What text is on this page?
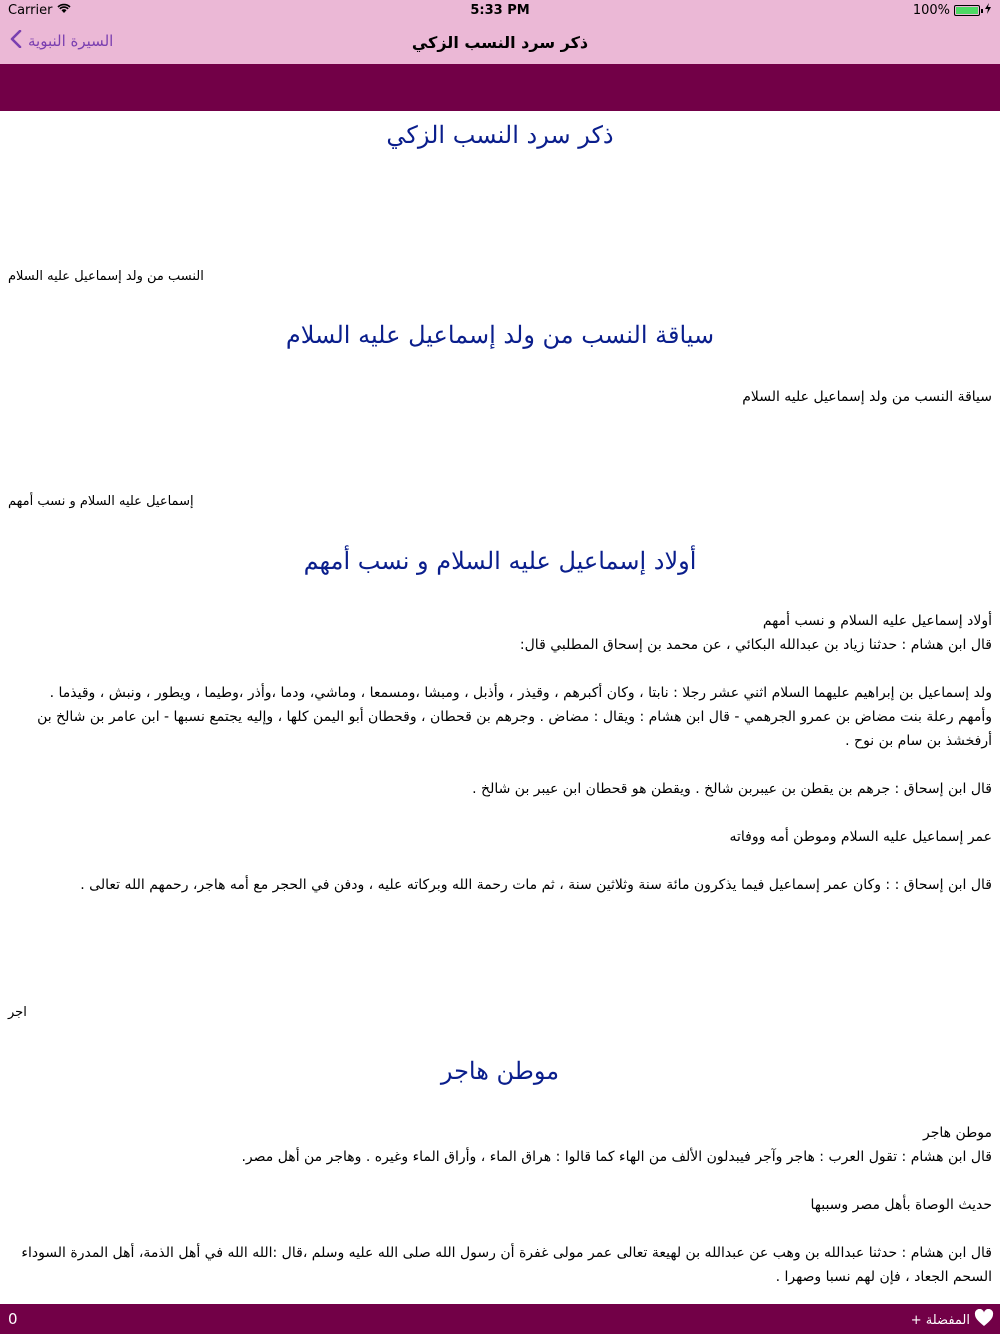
Carrier	5:33 PM	100%
السيرة النبوية	ذكر سرد النسب الزكي
ذكر سرد النسب الزكي
النسب من ولد إسماعيل عليه السلام
سياقة النسب من ولد إسماعيل عليه السلام

سياقة النسب من ولد إسماعيل عليه السلام

إسماعيل عليه السلام و نسب أمهم
أولاد إسماعيل عليه السلام و نسب أمهم

أولاد إسماعيل عليه السلام و نسب أمهم

قال ابن هشام : حدثنا زياد بن عبدالله البكائي ، عن محمد بن إسحاق المطلبي قال:

ولد إسماعيل بن إبراهيم عليهما السلام اثني عشر رجلا : نابتا ، وكان أكبرهم ، وقيذر ، وأذبل ، ومبشا ،ومسمعا ، وماشي، ودما ،وأذر ،وطيما ، ويطور ، ونبش ، وقيذما .

وأمهم رعلة بنت مضاض بن عمرو الجرهمي - قال ابن هشام : ويقال : مضاض . وجرهم بن قحطان ، وقحطان أبو اليمن كلها ، وإليه يجتمع نسبها - ابن عامر بن شالخ بن أرفخشذ بن سام بن نوح .

قال ابن إسحاق : جرهم بن يقطن بن عيبربن شالخ . ويقطن هو قحطان ابن عيبر بن شالخ .

عمر إسماعيل عليه السلام وموطن أمه ووفاته

قال ابن إسحاق : : وكان عمر إسماعيل فيما يذكرون مائة سنة وثلاثين سنة ، ثم مات رحمة الله وبركاته عليه ، ودفن في الحجر مع أمه هاجر، رحمهم الله تعالى .

اجر
موطن هاجر

موطن هاجر

قال ابن هشام : تقول العرب : هاجر وآجر فيبدلون الألف من الهاء كما قالوا : هراق الماء ، وأراق الماء وغيره . وهاجر من أهل مصر.

حديث الوصاة بأهل مصر وسببها

قال ابن هشام : حدثنا عبدالله بن وهب عن عبدالله بن لهيعة تعالى عمر مولى غفرة أن رسول الله صلى الله عليه وسلم ،قال :الله الله في أهل الذمة، أهل المدرة السوداء السحم الجعاد ، فإن لهم نسبا وصهرا .

0	+ المفضلة
